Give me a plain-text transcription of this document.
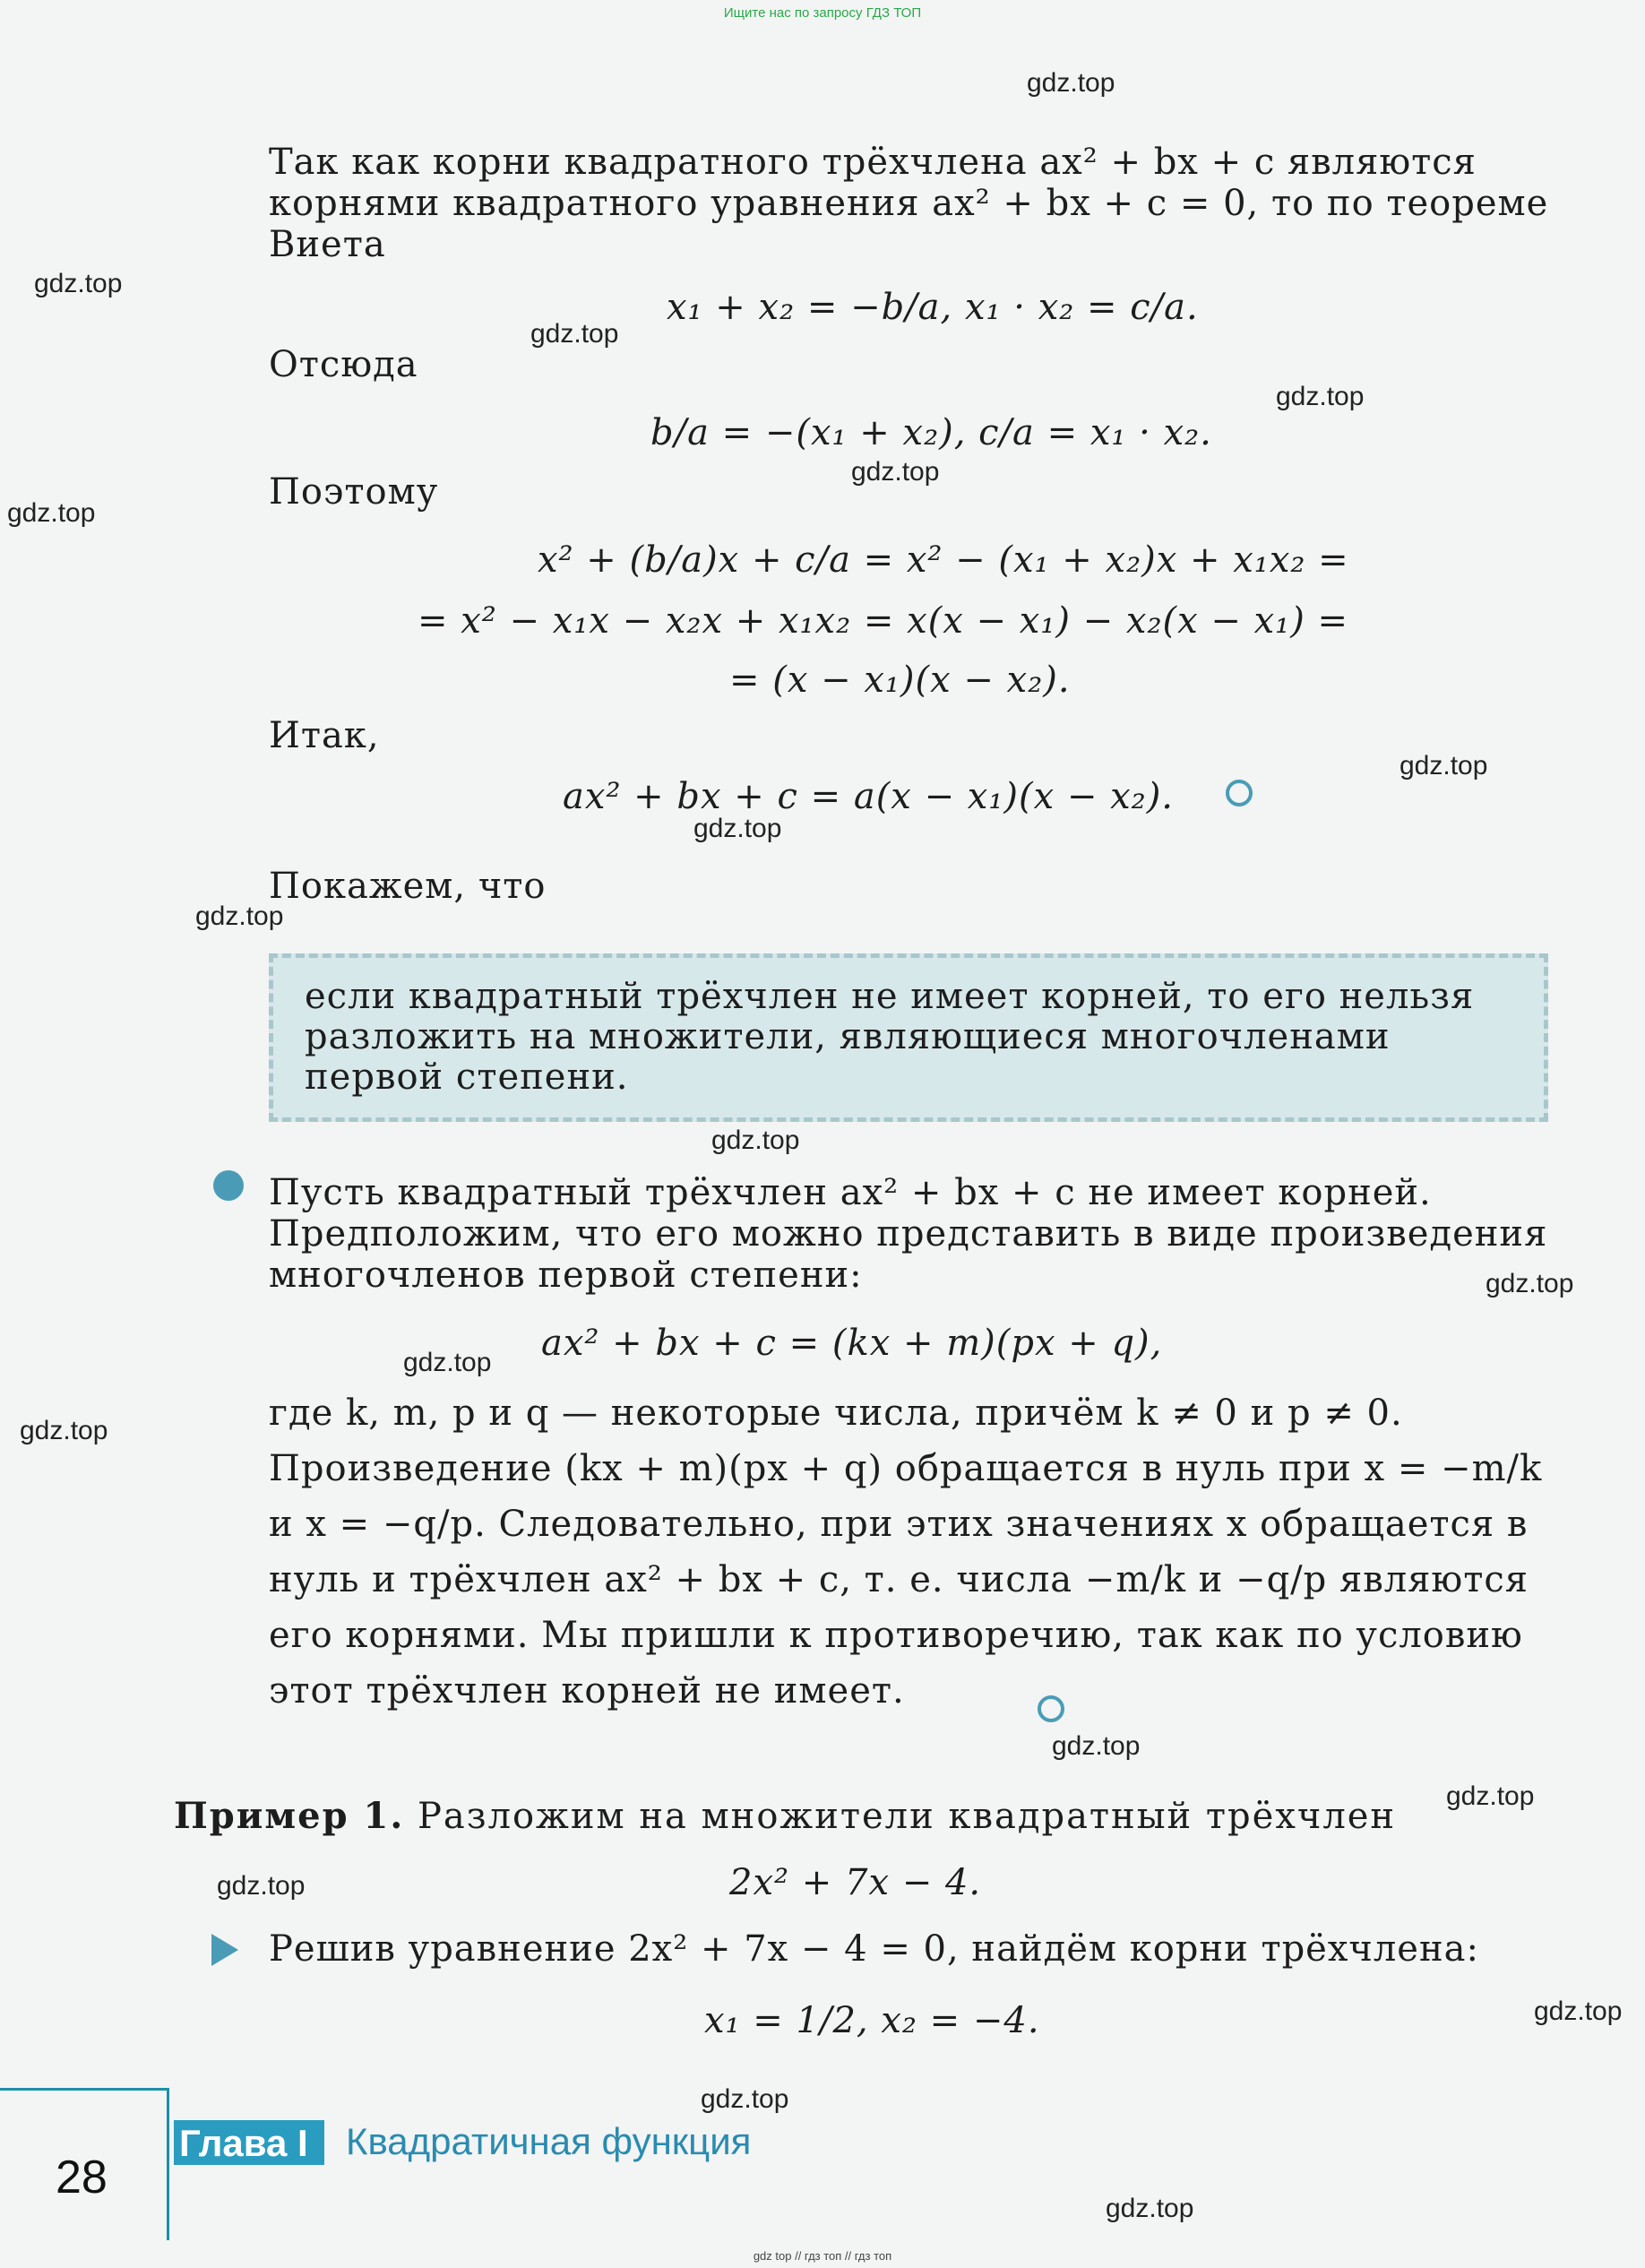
Ищите нас по запросу ГДЗ ТОП
gdz.top
gdz.top
gdz.top
gdz.top
gdz.top
gdz.top
gdz.top
gdz.top
gdz.top
gdz.top
gdz.top
gdz.top
gdz.top
gdz.top
gdz.top
gdz.top
gdz.top
gdz.top
gdz.top
Так как корни квадратного трёхчлена ax² + bx + c являются корнями квадратного уравнения ax² + bx + c = 0, то по теореме Виета
x₁ + x₂ = −b/a, x₁ · x₂ = c/a.
Отсюда
b/a = −(x₁ + x₂), c/a = x₁ · x₂.
Поэтому
x² + (b/a)x + c/a = x² − (x₁ + x₂)x + x₁x₂ =
= x² − x₁x − x₂x + x₁x₂ = x(x − x₁) − x₂(x − x₁) =
= (x − x₁)(x − x₂).
Итак,
ax² + bx + c = a(x − x₁)(x − x₂).
Покажем, что
если квадратный трёхчлен не имеет корней, то его нельзя разложить на множители, являющиеся многочленами первой степени.
Пусть квадратный трёхчлен ax² + bx + c не имеет корней. Предположим, что его можно представить в виде произведения многочленов первой степени:
ax² + bx + c = (kx + m)(px + q),
где k, m, p и q — некоторые числа, причём k ≠ 0 и p ≠ 0. Произведение (kx + m)(px + q) обращается в нуль при x = −m/k и x = −q/p. Следовательно, при этих значениях x обращается в нуль и трёхчлен ax² + bx + c, т. е. числа −m/k и −q/p являются его корнями. Мы пришли к противоречию, так как по условию этот трёхчлен корней не имеет.
Пример 1. Разложим на множители квадратный трёхчлен
2x² + 7x − 4.
Решив уравнение 2x² + 7x − 4 = 0, найдём корни трёхчлена:
x₁ = 1/2, x₂ = −4.
28
Глава I Квадратичная функция
gdz top // гдз топ // гдз топ
